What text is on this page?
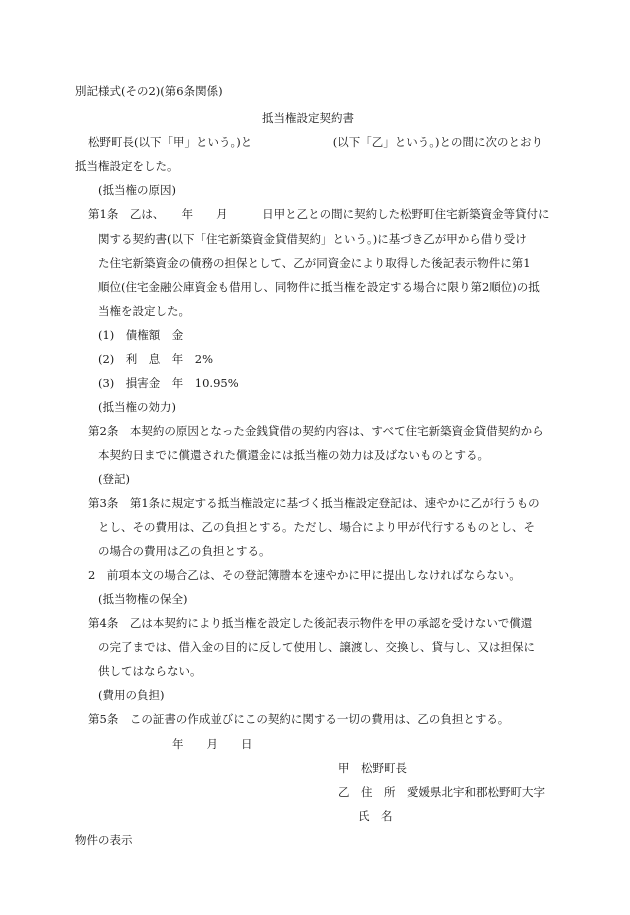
別記様式(その2)(第6条関係)
抵当権設定契約書
松野町長(以下「甲」という。)と　　　　　　　(以下「乙」という。)との間に次のとおり
抵当権設定をした。
(抵当権の原因)
第1条　乙は、　　年　　月　　　日甲と乙との間に契約した松野町住宅新築資金等貸付に
関する契約書(以下「住宅新築資金貸借契約」という。)に基づき乙が甲から借り受け
た住宅新築資金の債務の担保として、乙が同資金により取得した後記表示物件に第1
順位(住宅金融公庫資金も借用し、同物件に抵当権を設定する場合に限り第2順位)の抵
当権を設定した。
(1)　債権額　金
(2)　利　息　年　2%
(3)　損害金　年　10.95%
(抵当権の効力)
第2条　本契約の原因となった金銭貸借の契約内容は、すべて住宅新築資金貸借契約から
本契約日までに償還された償還金には抵当権の効力は及ばないものとする。
(登記)
第3条　第1条に規定する抵当権設定に基づく抵当権設定登記は、速やかに乙が行うもの
とし、その費用は、乙の負担とする。ただし、場合により甲が代行するものとし、そ
の場合の費用は乙の負担とする。
2　前項本文の場合乙は、その登記簿謄本を速やかに甲に提出しなければならない。
(抵当物権の保全)
第4条　乙は本契約により抵当権を設定した後記表示物件を甲の承認を受けないで償還
の完了までは、借入金の目的に反して使用し、譲渡し、交換し、貸与し、又は担保に
供してはならない。
(費用の負担)
第5条　この証書の作成並びにこの契約に関する一切の費用は、乙の負担とする。
年　　月　　日
甲　松野町長
乙　住　所　愛媛県北宇和郡松野町大字
氏　名
物件の表示
